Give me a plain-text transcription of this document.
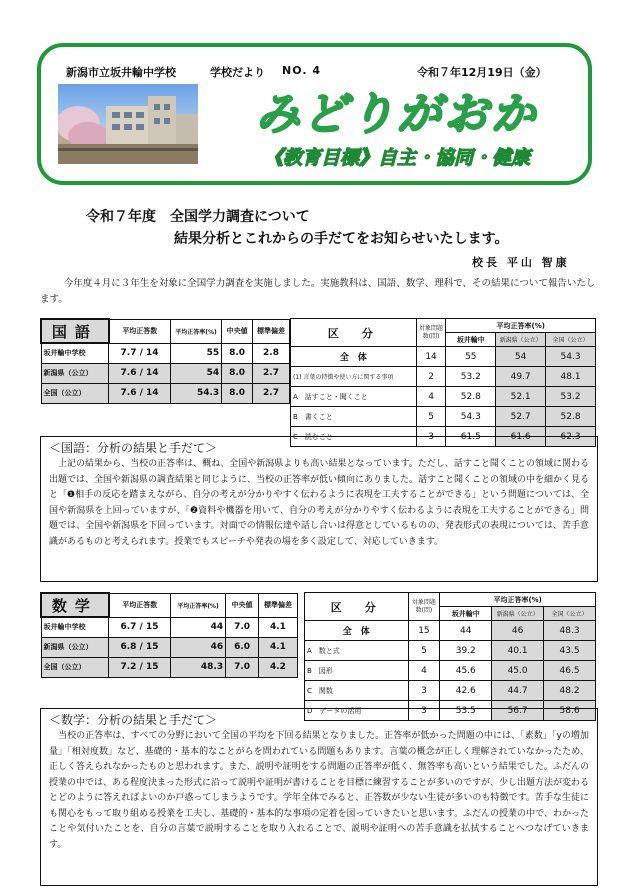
新潟市立坂井輪中学校	学校だより NO. 4	令和７年12月19日（金）
みどりがおか
《教育目標》自主・協同・健康
令和７年度　全国学力調査について
結果分析とこれからの手だてをお知らせいたします。
校長 平山 智康
今年度４月に３年生を対象に全国学力調査を実施しました。実施教科は、国語、数学、理科で、その結果について報告いたします。
国語	平均正答数	平均正答率(%)	中央値	標準偏差
坂井輪中学校	7.7 / 14	55	8.0	2.8
新潟県（公立）	7.6 / 14	54	8.0	2.7
全国（公立）	7.6 / 14	54.3	8.0	2.7
区　分	対象問題数(問)	平均正答率(%)		
		坂井輪中	新潟県（公立）	全国（公立）
全　体	14	55	54	54.3
(1) 言葉の特徴や使い方に関する事項	2	53.2	49.7	48.1
A　話すこと・聞くこと	4	52.8	52.1	53.2
B　書くこと	5	54.3	52.7	52.8
C　読むこと	3	61.5	61.6	62.3
＜国語：分析の結果と手だて＞
上記の結果から、当校の正答率は、概ね、全国や新潟県よりも高い結果となっています。ただし、話すこと聞くことの領域に関わる出題では、全国や新潟県の調査結果と同じように、当校の正答率が低い傾向にありました。話すこと聞くことの領域の中を細かく見ると「❶相手の反応を踏まえながら、自分の考えが分かりやすく伝わるように表現を工夫することができる」という問題については、全国や新潟県を上回っていますが、「❷資料や機器を用いて、自分の考えが分かりやすく伝わるように表現を工夫することができる」問題では、全国や新潟県を下回っています。対面での情報伝達や話し合いは得意としているものの、発表形式の表現については、苦手意識があるものと考えられます。授業でもスピーチや発表の場を多く設定して、対応していきます。
数学	平均正答数	平均正答率(%)	中央値	標準偏差
坂井輪中学校	6.7 / 15	44	7.0	4.1
新潟県（公立）	6.8 / 15	46	6.0	4.1
全国（公立）	7.2 / 15	48.3	7.0	4.2
区　分	対象問題数(問)	平均正答率(%)		
		坂井輪中	新潟県（公立）	全国（公立）
全　体	15	44	46	48.3
A　数と式	5	39.2	40.1	43.5
B　図形	4	45.6	45.0	46.5
C　関数	3	42.6	44.7	48.2
D　データの活用	3	53.5	56.7	58.6
＜数学：分析の結果と手だて＞
当校の正答率は、すべての分野において全国の平均を下回る結果となりました。正答率が低かった問題の中には、「素数」「yの増加量」「相対度数」など、基礎的・基本的なことがらを問われている問題もあります。言葉の概念が正しく理解されていなかったため、正しく答えられなかったものと思われます。また、説明や証明をする問題の正答率が低く、無答率も高いという結果でした。ふだんの授業の中では、ある程度決まった形式に沿って説明や証明が書けることを目標に練習することが多いのですが、少し出題方法が変わるとどのように答えればよいのか戸惑ってしまうようです。学年全体でみると、正答数が少ない生徒が多いのも特徴です。苦手な生徒にも関心をもって取り組める授業を工夫し、基礎的・基本的な事項の定着を図っていきたいと思います。ふだんの授業の中で、わかったことや気付いたことを、自分の言葉で説明することを取り入れることで、説明や証明への苦手意識を払拭することへつなげていきます。
